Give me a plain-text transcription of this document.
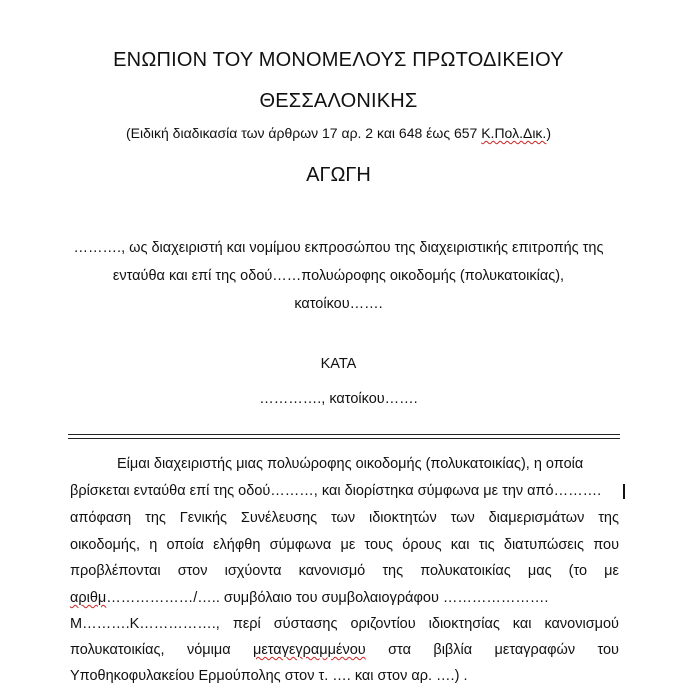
ΕΝΩΠΙΟΝ ΤΟΥ ΜΟΝΟΜΕΛΟΥΣ ΠΡΩΤΟΔΙΚΕΙΟΥ
ΘΕΣΣΑΛΟΝΙΚΗΣ
(Ειδική διαδικασία των άρθρων 17 αρ. 2 και 648 έως 657 Κ.Πολ.Δικ.)
ΑΓΩΓΗ
………., ως διαχειριστή και νομίμου εκπροσώπου της διαχειριστικής επιτροπής της
ενταύθα και επί της οδού……πολυώροφης οικοδομής (πολυκατοικίας),
κατοίκου…….
ΚΑΤΑ
…………., κατοίκου…….
Είμαι διαχειριστής μιας πολυώροφης οικοδομής (πολυκατοικίας), η οποία
βρίσκεται ενταύθα επί της οδού………, και διορίστηκα σύμφωνα με την από……….
απόφαση της Γενικής Συνέλευσης των ιδιοκτητών των διαμερισμάτων της
οικοδομής, η οποία ελήφθη σύμφωνα με τους όρους και τις διατυπώσεις που
προβλέπονται στον ισχύοντα κανονισμό της πολυκατοικίας μας (το με
αριθμ………………/….. συμβόλαιο του συμβολαιογράφου ………………….
Μ……….Κ……………., περί σύστασης οριζοντίου ιδιοκτησίας και κανονισμού
πολυκατοικίας, νόμιμα μεταγεγραμμένου στα βιβλία μεταγραφών του
Υποθηκοφυλακείου Ερμούπολης στον τ. …. και στον αρ. ….) .
